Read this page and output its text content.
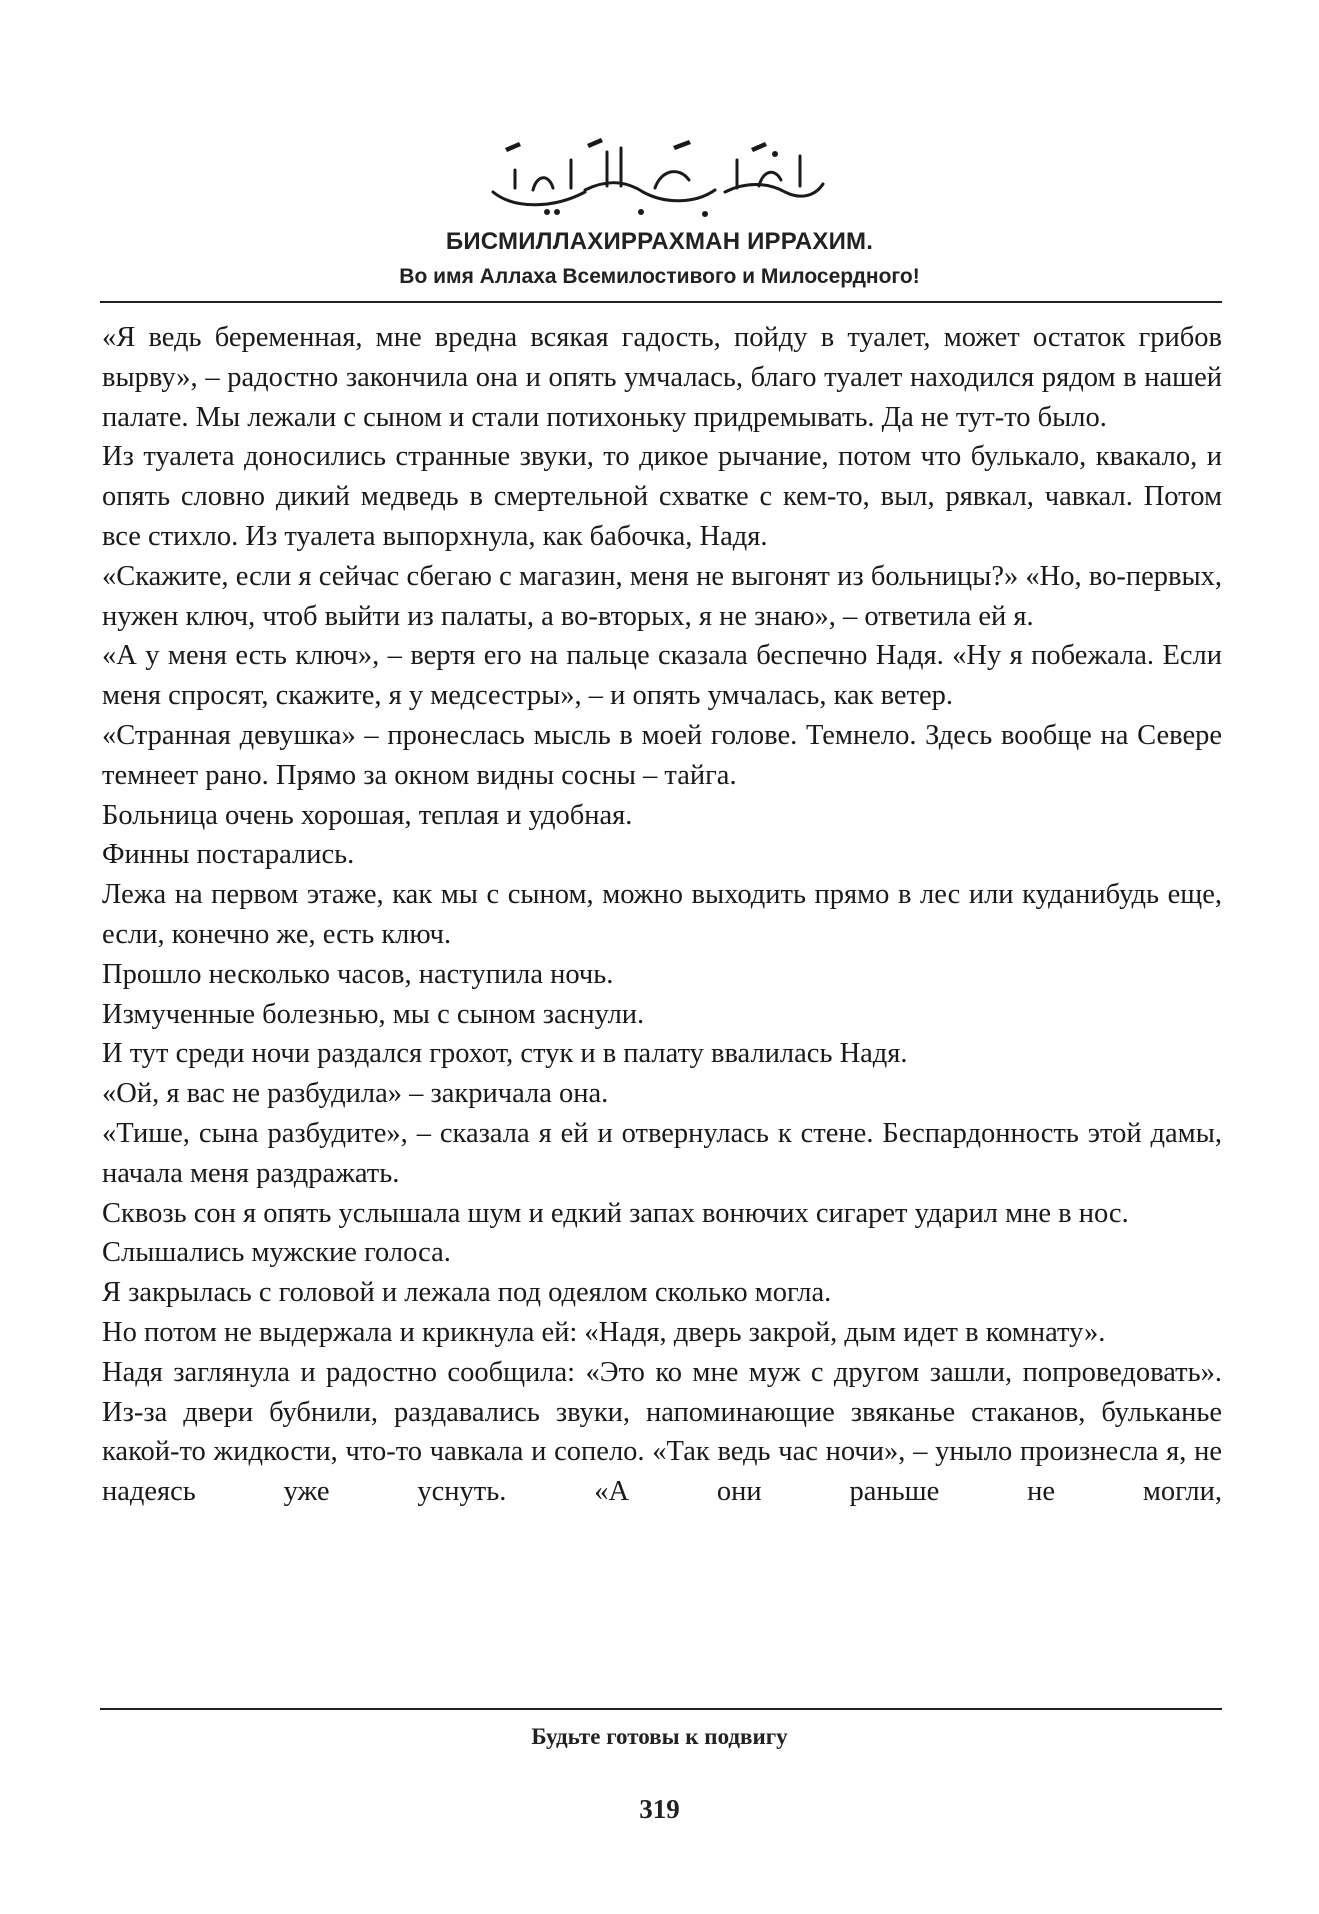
БИСМИЛЛАХИРРАХМАН ИРРАХИМ.
Во имя Аллаха Всемилостивого и Милосердного!

«Я ведь беременная, мне вредна всякая гадость, пойду в туалет, может остаток грибов вырву», – радостно закончила она и опять умчалась, благо туалет находился рядом в нашей палате. Мы лежали с сыном и стали потихоньку придремывать. Да не тут-то было.

Из туалета доносились странные звуки, то дикое рычание, потом что булькало, квакало, и опять словно дикий медведь в смертельной схватке с кем-то, выл, рявкал, чавкал. Потом все стихло. Из туалета выпорхнула, как бабочка, Надя.

«Скажите, если я сейчас сбегаю с магазин, меня не выгонят из больницы?» «Но, во-первых, нужен ключ, чтоб выйти из палаты, а во-вторых, я не знаю», – ответила ей я.

«А у меня есть ключ», – вертя его на пальце сказала беспечно Надя. «Ну я побежала. Если меня спросят, скажите, я у медсестры», – и опять умчалась, как ветер.

«Странная девушка» – пронеслась мысль в моей голове. Темнело. Здесь вообще на Севере темнеет рано. Прямо за окном видны сосны – тайга.

Больница очень хорошая, теплая и удобная.

Финны постарались.

Лежа на первом этаже, как мы с сыном, можно выходить прямо в лес или куданибудь еще, если, конечно же, есть ключ.

Прошло несколько часов, наступила ночь.

Измученные болезнью, мы с сыном заснули.

И тут среди ночи раздался грохот, стук и в палату ввалилась Надя.

«Ой, я вас не разбудила» – закричала она.

«Тише, сына разбудите», – сказала я ей и отвернулась к стене. Беспардонность этой дамы, начала меня раздражать.

Сквозь сон я опять услышала шум и едкий запах вонючих сигарет ударил мне в нос.

Слышались мужские голоса.

Я закрылась с головой и лежала под одеялом сколько могла.

Но потом не выдержала и крикнула ей: «Надя, дверь закрой, дым идет в комнату».

Надя заглянула и радостно сообщила: «Это ко мне муж с другом зашли, попроведовать». Из-за двери бубнили, раздавались звуки, напоминающие звяканье стаканов, бульканье какой-то жидкости, что-то чавкала и сопело. «Так ведь час ночи», – уныло произнесла я, не надеясь уже уснуть. «А они раньше не могли,

Будьте готовы к подвигу
319
